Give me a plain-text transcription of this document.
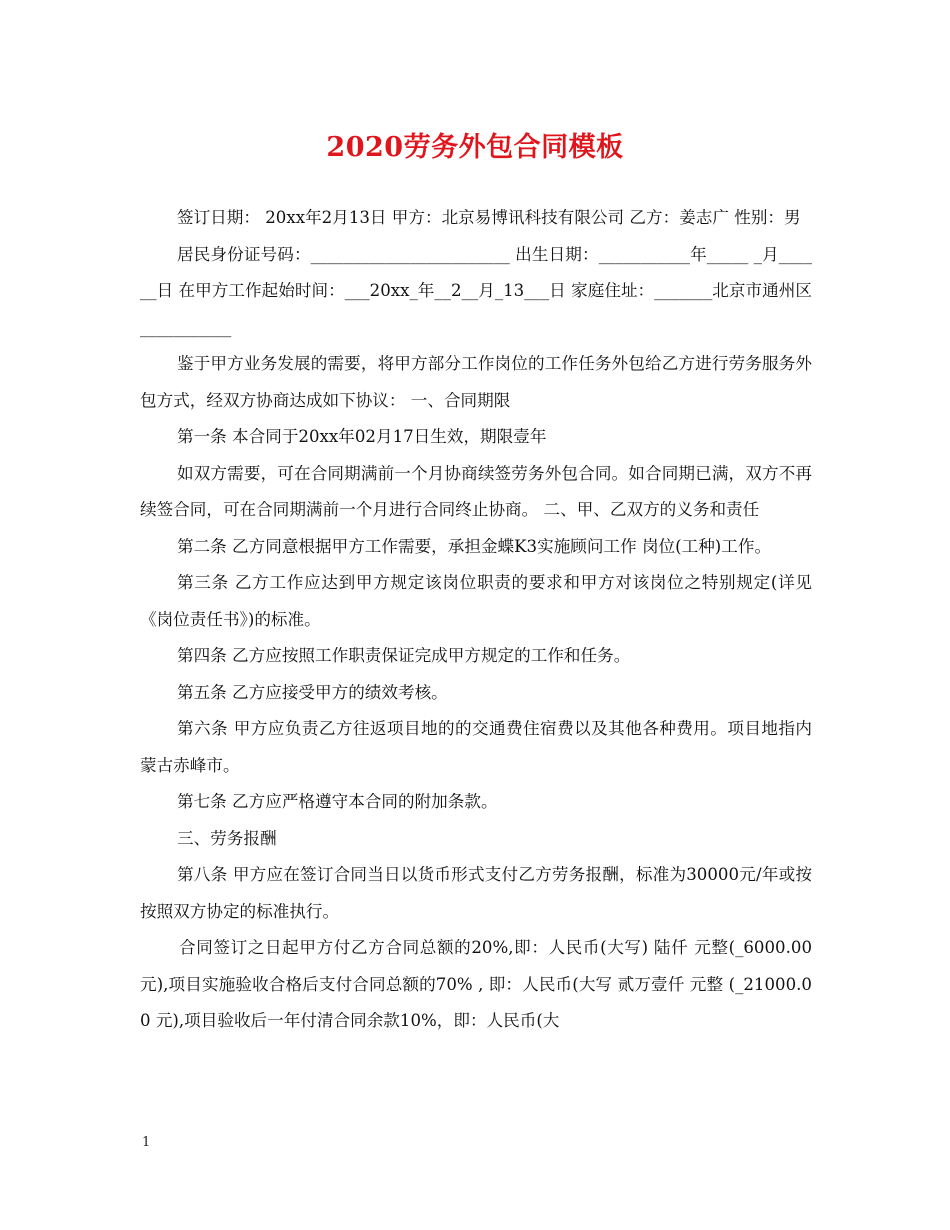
2020劳务外包合同模板

签订日期： 20xx年2月13日 甲方：北京易博讯科技有限公司 乙方：姜志广 性别：男

居民身份证号码：________________________ 出生日期：___________年_____ _月______日 在甲方工作起始时间：___20xx_年__2__月_13___日 家庭住址：_______北京市通州区___________

鉴于甲方业务发展的需要，将甲方部分工作岗位的工作任务外包给乙方进行劳务服务外包方式，经双方协商达成如下协议： 一、合同期限

第一条 本合同于20xx年02月17日生效，期限壹年

如双方需要，可在合同期满前一个月协商续签劳务外包合同。如合同期已满，双方不再续签合同，可在合同期满前一个月进行合同终止协商。 二、甲、乙双方的义务和责任

第二条 乙方同意根据甲方工作需要，承担金蝶K3实施顾问工作 岗位(工种)工作。

第三条 乙方工作应达到甲方规定该岗位职责的要求和甲方对该岗位之特别规定(详见《岗位责任书》)的标准。

第四条 乙方应按照工作职责保证完成甲方规定的工作和任务。

第五条 乙方应接受甲方的绩效考核。

第六条 甲方应负责乙方往返项目地的的交通费住宿费以及其他各种费用。项目地指内蒙古赤峰市。

第七条 乙方应严格遵守本合同的附加条款。

三、劳务报酬

第八条 甲方应在签订合同当日以货币形式支付乙方劳务报酬，标准为30000元/年或按按照双方协定的标准执行。

合同签订之日起甲方付乙方合同总额的20%,即：人民币(大写) 陆仟 元整(_6000.00 元),项目实施验收合格后支付合同总额的70% , 即：人民币(大写 贰万壹仟 元整 (_21000.00 元),项目验收后一年付清合同余款10%，即：人民币(大

1
